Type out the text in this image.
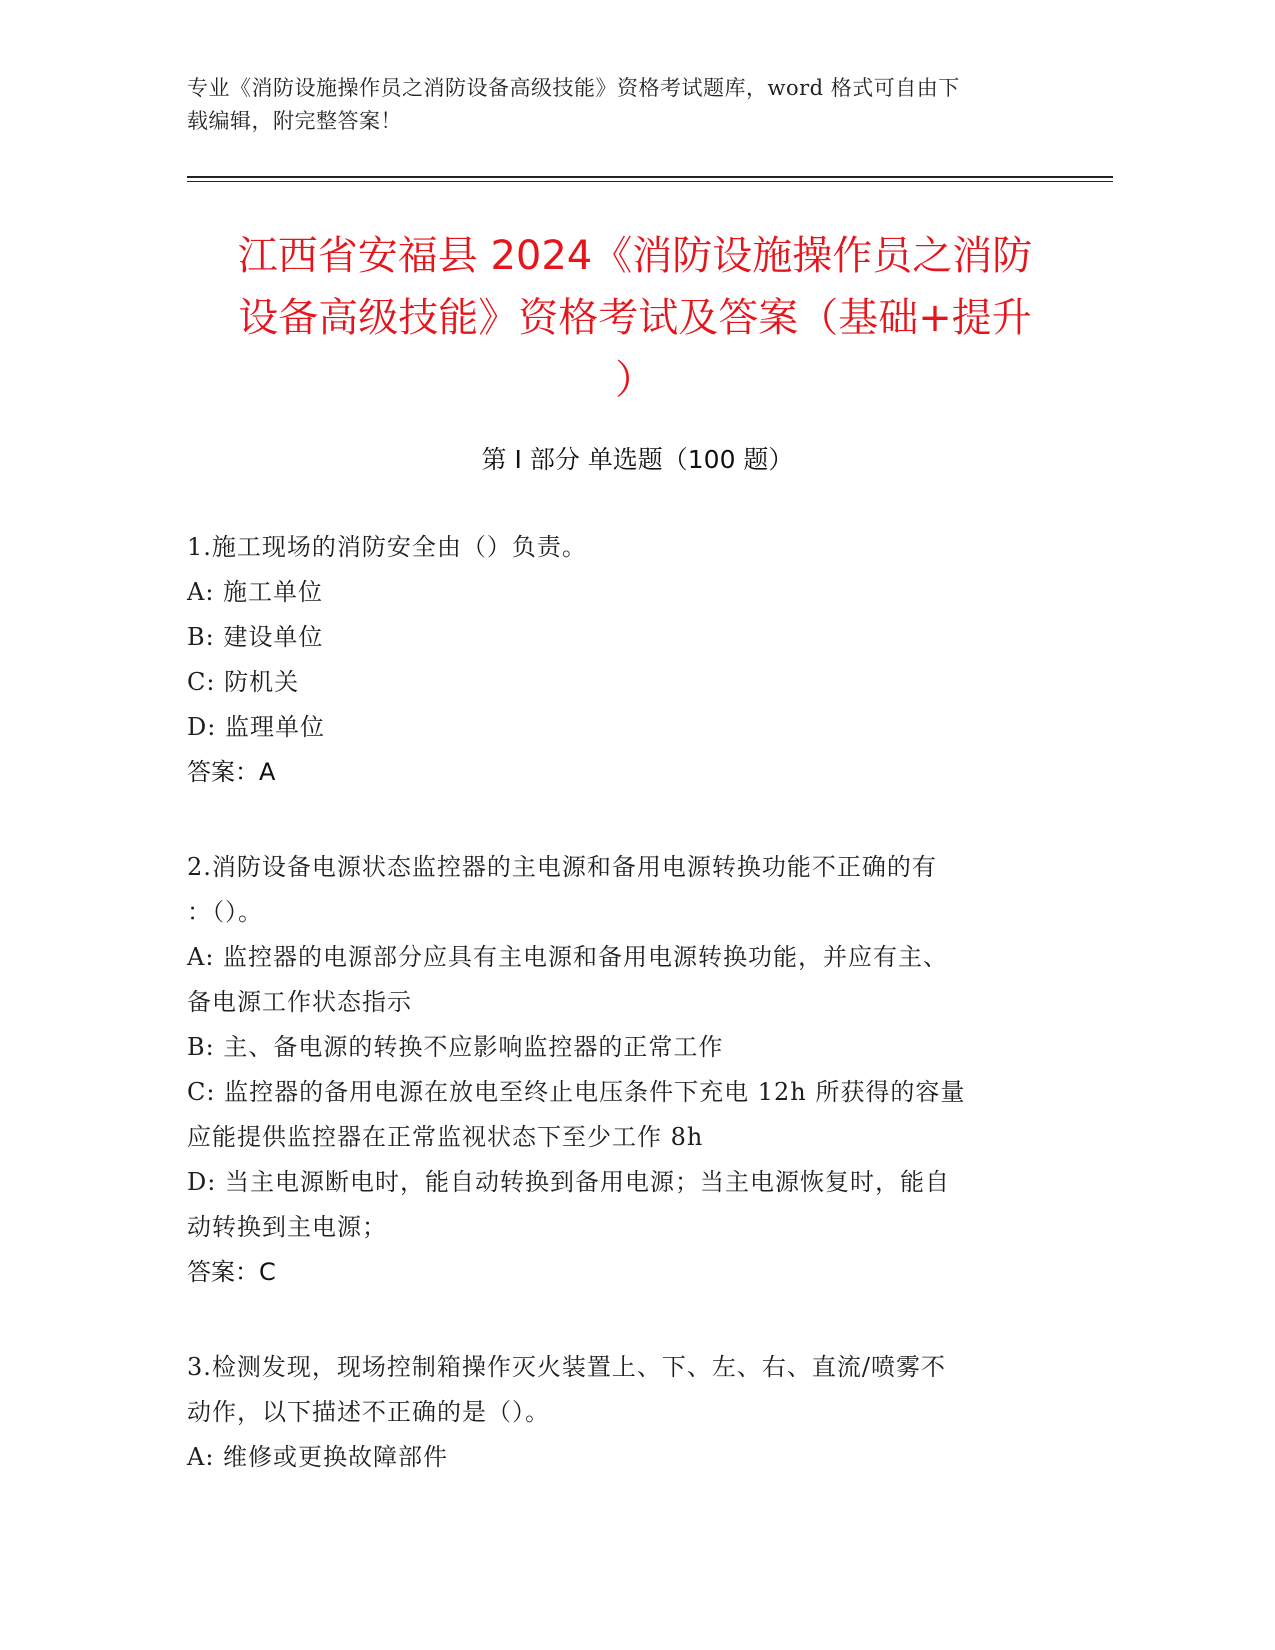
专业《消防设施操作员之消防设备高级技能》资格考试题库，word 格式可自由下
载编辑，附完整答案！
江西省安福县 2024《消防设施操作员之消防
设备高级技能》资格考试及答案（基础+提升
）
第 I 部分 单选题（100 题）
1.施工现场的消防安全由（）负责。
A: 施工单位
B: 建设单位
C: 防机关
D: 监理单位
答案：A
2.消防设备电源状态监控器的主电源和备用电源转换功能不正确的有
：（）。
A: 监控器的电源部分应具有主电源和备用电源转换功能，并应有主、
备电源工作状态指示
B: 主、备电源的转换不应影响监控器的正常工作
C: 监控器的备用电源在放电至终止电压条件下充电 12h 所获得的容量
应能提供监控器在正常监视状态下至少工作 8h
D: 当主电源断电时，能自动转换到备用电源；当主电源恢复时，能自
动转换到主电源；
答案：C
3.检测发现，现场控制箱操作灭火装置上、下、左、右、直流/喷雾不
动作，以下描述不正确的是（）。
A: 维修或更换故障部件
